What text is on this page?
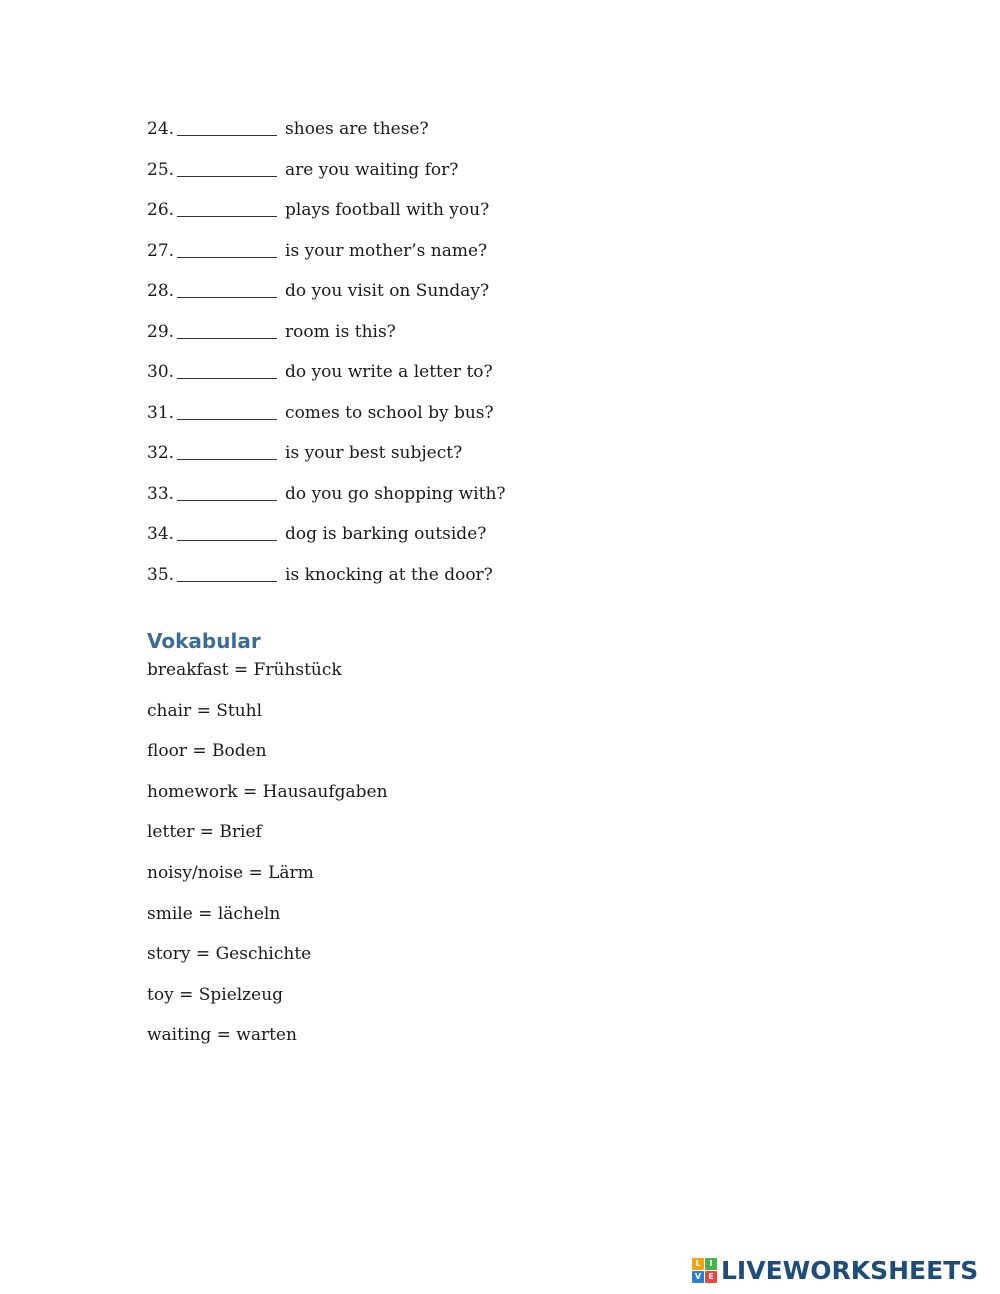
24.	shoes are these?
25.	are you waiting for?
26.	plays football with you?
27.	is your mother’s name?
28.	do you visit on Sunday?
29.	room is this?
30.	do you write a letter to?
31.	comes to school by bus?
32.	is your best subject?
33.	do you go shopping with?
34.	dog is barking outside?
35.	is knocking at the door?
Vokabular
breakfast = Frühstück
chair = Stuhl
floor = Boden
homework = Hausaufgaben
letter = Brief
noisy/noise = Lärm
smile = lächeln
story = Geschichte
toy = Spielzeug
waiting = warten
L	I
V E LIVEWORKSHEETS
